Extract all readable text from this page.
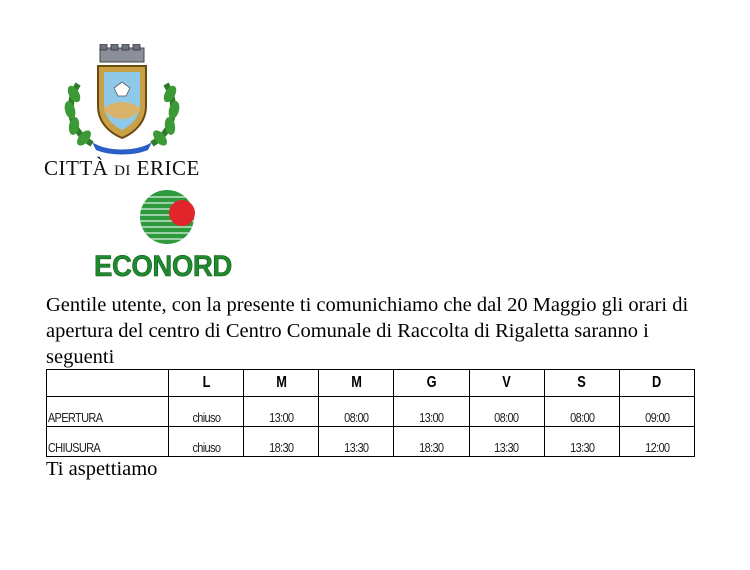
CITTÀ DI ERICE
ECONORD
Gentile utente, con la presente ti comunichiamo che dal 20 Maggio gli orari di apertura del centro di Centro Comunale di Raccolta di Rigaletta saranno i seguenti
	L	M	M	G	V	S	D
APERTURA	chiuso	13:00	08:00	13:00	08:00	08:00	09:00
CHIUSURA	chiuso	18:30	13:30	18:30	13:30	13:30	12:00
Ti aspettiamo
